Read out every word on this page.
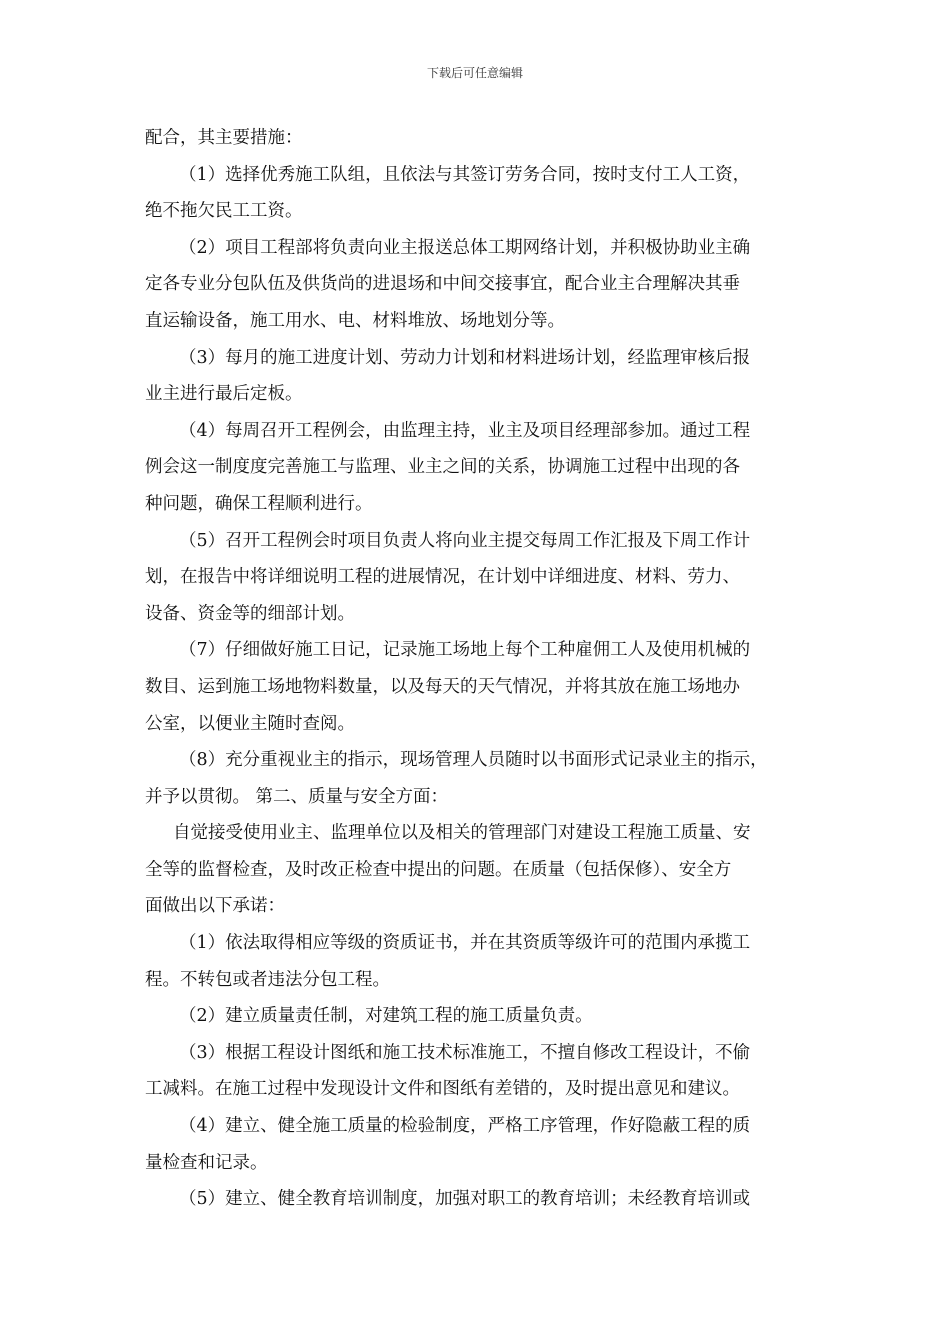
下载后可任意编辑
配合，其主要措施：
（1）选择优秀施工队组，且依法与其签订劳务合同，按时支付工人工资，
绝不拖欠民工工资。
（2）项目工程部将负责向业主报送总体工期网络计划，并积极协助业主确
定各专业分包队伍及供货尚的进退场和中间交接事宜，配合业主合理解决其垂
直运输设备，施工用水、电、材料堆放、场地划分等。
（3）每月的施工进度计划、劳动力计划和材料进场计划，经监理审核后报
业主进行最后定板。
（4）每周召开工程例会，由监理主持，业主及项目经理部参加。通过工程
例会这一制度度完善施工与监理、业主之间的关系，协调施工过程中出现的各
种问题，确保工程顺利进行。
（5）召开工程例会时项目负责人将向业主提交每周工作汇报及下周工作计
划，在报告中将详细说明工程的进展情况，在计划中详细进度、材料、劳力、
设备、资金等的细部计划。
（7）仔细做好施工日记，记录施工场地上每个工种雇佣工人及使用机械的
数目、运到施工场地物料数量，以及每天的天气情况，并将其放在施工场地办
公室，以便业主随时查阅。
（8）充分重视业主的指示，现场管理人员随时以书面形式记录业主的指示，
并予以贯彻。 第二、质量与安全方面：
自觉接受使用业主、监理单位以及相关的管理部门对建设工程施工质量、安
全等的监督检查，及时改正检查中提出的问题。在质量（包括保修）、安全方
面做出以下承诺：
（1）依法取得相应等级的资质证书，并在其资质等级许可的范围内承揽工
程。不转包或者违法分包工程。
（2）建立质量责任制，对建筑工程的施工质量负责。
（3）根据工程设计图纸和施工技术标准施工，不擅自修改工程设计，不偷
工减料。在施工过程中发现设计文件和图纸有差错的，及时提出意见和建议。
（4）建立、健全施工质量的检验制度，严格工序管理，作好隐蔽工程的质
量检查和记录。
（5）建立、健全教育培训制度，加强对职工的教育培训；未经教育培训或
